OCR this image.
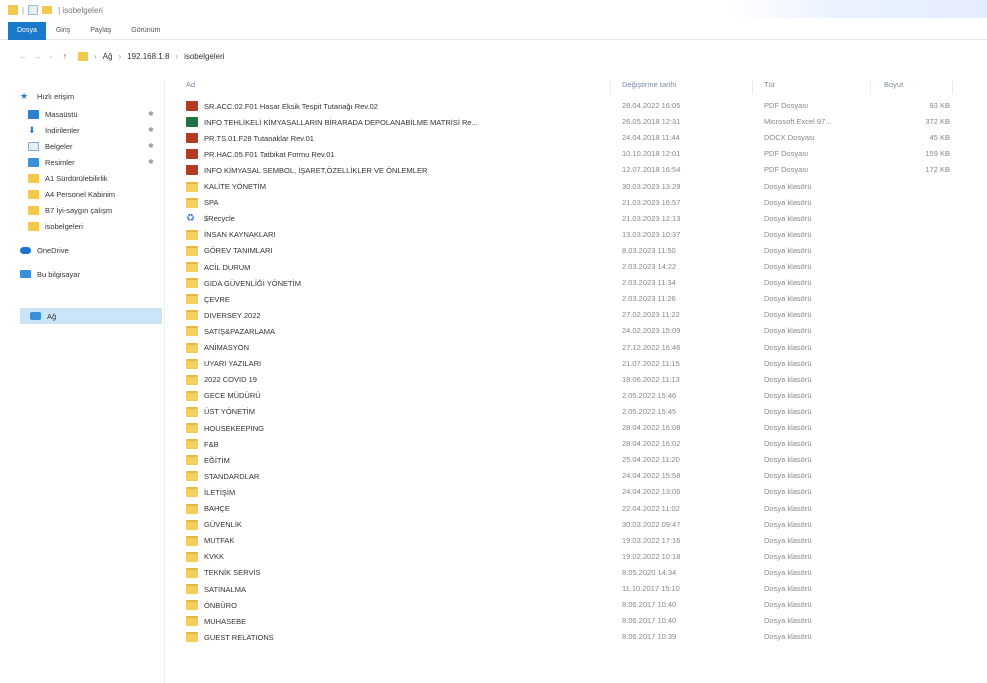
|	| isobelgeleri
Dosya	Giriş	Paylaş	Görünüm
← → ⌄ ↑	› Ağ › 192.168.1.8 › isobelgeleri
★	Hızlı erişim
Masaüstü	✱
⬇	İndirilenler	✱
Belgeler	✱
Resimler	✱
A1 Sürdürülebilirlik
A4 Personel Kabinim
B7 İyi-saygın çalışm
isobelgeleri
OneDrive
Bu bilgisayar
Ağ
Ad	Değiştirme tarihi	Tür	Boyut
SR.ACC.02.F01 Hasar Eksik Tespit Tutanağı Rev.02	28.04.2022 16:05	PDF Dosyası	93 KB
INFO TEHLİKELİ KİMYASALLARIN BİRARADA DEPOLANABİLME MATRİSİ Re...	26.05.2018 12:31	Microsoft Excel 97...	372 KB
PR.TS.01.F28 Tutanaklar Rev.01	24.04.2018 11:44	DOCX Dosyası	45 KB
PR.HAC.05.F01 Tatbikat Formu Rev.01	10.10.2018 12:01	PDF Dosyası	159 KB
INFO KİMYASAL SEMBOL, İŞARET,ÖZELLİKLER VE ÖNLEMLER	12.07.2018 16:54	PDF Dosyası	172 KB
KALİTE YÖNETİM	30.03.2023 13:29	Dosya klasörü
SPA	21.03.2023 16:57	Dosya klasörü
♻	$Recycle	21.03.2023 12:13	Dosya klasörü
İNSAN KAYNAKLARI	13.03.2023 10:37	Dosya klasörü
GÖREV TANIMLARI	8.03.2023 11:50	Dosya klasörü
ACİL DURUM	2.03.2023 14:22	Dosya klasörü
GIDA GÜVENLİĞİ YÖNETİM	2.03.2023 11:34	Dosya klasörü
ÇEVRE	2.03.2023 11:26	Dosya klasörü
DIVERSEY 2022	27.02.2023 11:22	Dosya klasörü
SATIŞ&PAZARLAMA	24.02.2023 15:09	Dosya klasörü
ANİMASYON	27.12.2022 16:46	Dosya klasörü
UYARI YAZILARI	21.07.2022 11:15	Dosya klasörü
2022 COVID 19	18.06.2022 11:13	Dosya klasörü
GECE MÜDÜRÜ	2.05.2022 15:46	Dosya klasörü
ÜST YÖNETİM	2.05.2022 15:45	Dosya klasörü
HOUSEKEEPING	28.04.2022 16:08	Dosya klasörü
F&B	28.04.2022 16:02	Dosya klasörü
EĞİTİM	25.04.2022 11:20	Dosya klasörü
STANDARDLAR	24.04.2022 15:58	Dosya klasörü
İLETİŞİM	24.04.2022 13:06	Dosya klasörü
BAHÇE	22.04.2022 11:02	Dosya klasörü
GÜVENLİK	30.03.2022 09:47	Dosya klasörü
MUTFAK	19.03.2022 17:16	Dosya klasörü
KVKK	19.02.2022 10:18	Dosya klasörü
TEKNİK SERVİS	8.05.2020 14:34	Dosya klasörü
SATINALMA	11.10.2017 15:10	Dosya klasörü
ÖNBÜRO	8.06.2017 10:40	Dosya klasörü
MUHASEBE	8.06.2017 10:40	Dosya klasörü
GUEST RELATIONS	8.06.2017 10:39	Dosya klasörü
